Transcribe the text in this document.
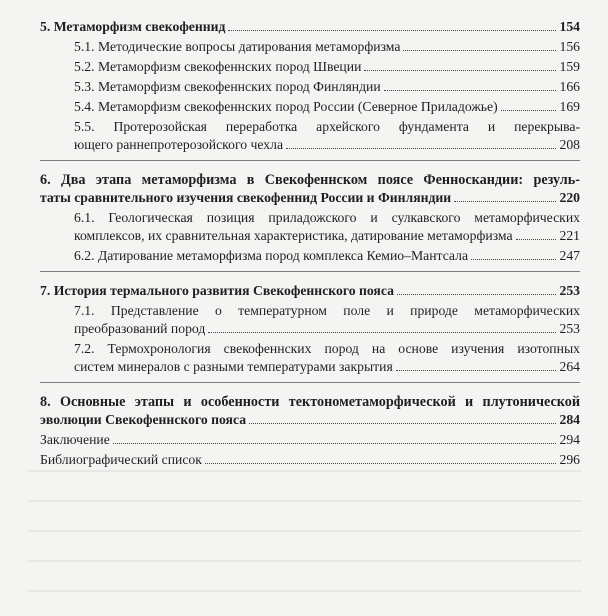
5. Метаморфизм свекофеннид	154
5.1. Методические вопросы датирования метаморфизма	156
5.2. Метаморфизм свекофеннских пород Швеции	159
5.3. Метаморфизм свекофеннских пород Финляндии	166
5.4. Метаморфизм свекофеннских пород России (Северное Приладожье)	169
5.5. Протерозойская переработка архейского фундамента и перекрыва-
ющего раннепротерозойского чехла	208
6. Два этапа метаморфизма в Свекофеннском поясе Фенноскандии: резуль-
таты сравнительного изучения свекофеннид России и Финляндии	220
6.1. Геологическая позиция приладожского и сулкавского метаморфических
комплексов, их сравнительная характеристика, датирование метаморфизма	221
6.2. Датирование метаморфизма пород комплекса Кемио–Мантсала	247
7. История термального развития Свекофеннского пояса	253
7.1. Представление о температурном поле и природе метаморфических
преобразований пород	253
7.2. Термохронология свекофеннских пород на основе изучения изотопных
систем минералов с разными температурами закрытия	264
8. Основные этапы и особенности тектонометаморфической и плутонической
эволюции Свекофеннского пояса	284
Заключение	294
Библиографический список	296
